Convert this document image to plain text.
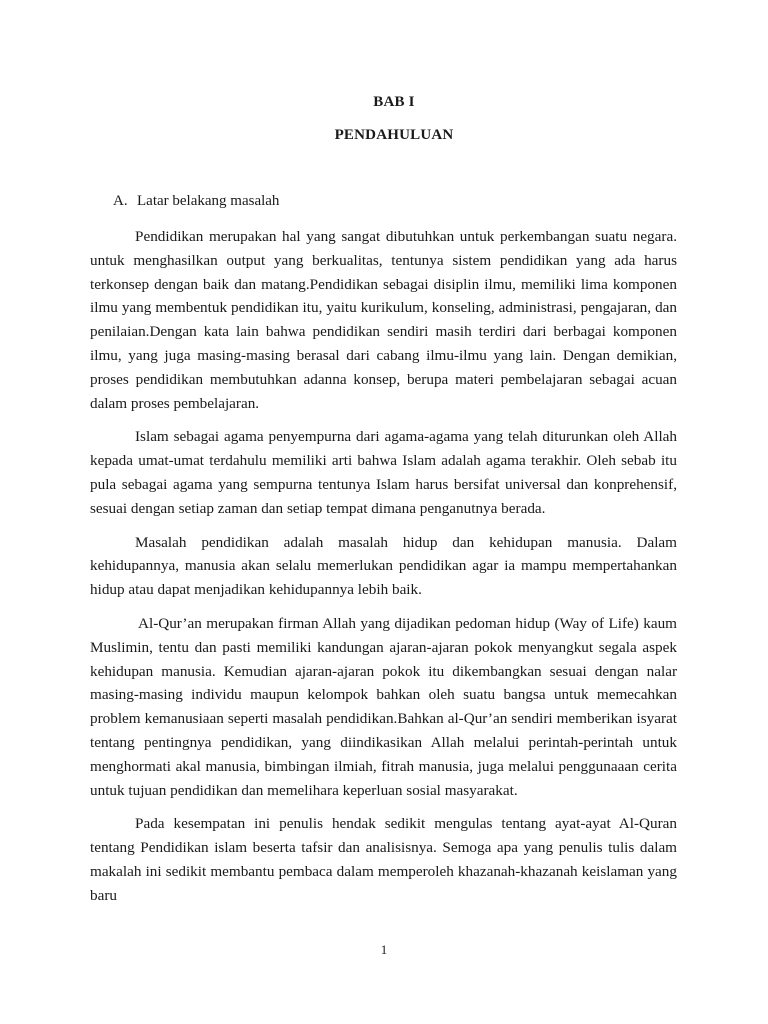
BAB I
PENDAHULUAN
A. Latar belakang masalah

Pendidikan merupakan hal yang sangat dibutuhkan untuk perkembangan suatu negara. untuk menghasilkan output yang berkualitas, tentunya sistem pendidikan yang ada harus terkonsep dengan baik dan matang.Pendidikan sebagai disiplin ilmu, memiliki lima komponen ilmu yang membentuk pendidikan itu, yaitu kurikulum, konseling, administrasi, pengajaran, dan penilaian.Dengan kata lain bahwa pendidikan sendiri masih terdiri dari berbagai komponen ilmu, yang juga masing-masing berasal dari cabang ilmu-ilmu yang lain. Dengan demikian, proses pendidikan membutuhkan adanna konsep, berupa materi pembelajaran sebagai acuan dalam proses pembelajaran.

Islam sebagai agama penyempurna dari agama-agama yang telah diturunkan oleh Allah kepada umat-umat terdahulu memiliki arti bahwa Islam adalah agama terakhir. Oleh sebab itu pula sebagai agama yang sempurna tentunya Islam harus bersifat universal dan konprehensif, sesuai dengan setiap zaman dan setiap tempat dimana penganutnya berada.

Masalah pendidikan adalah masalah hidup dan kehidupan manusia. Dalam kehidupannya, manusia akan selalu memerlukan pendidikan agar ia mampu mempertahankan hidup atau dapat menjadikan kehidupannya lebih baik.

Al-Qur’an merupakan firman Allah yang dijadikan pedoman hidup (Way of Life) kaum Muslimin, tentu dan pasti memiliki kandungan ajaran-ajaran pokok menyangkut segala aspek kehidupan manusia. Kemudian ajaran-ajaran pokok itu dikembangkan sesuai dengan nalar masing-masing individu maupun kelompok bahkan oleh suatu bangsa untuk memecahkan problem kemanusiaan seperti masalah pendidikan.Bahkan al-Qur’an sendiri memberikan isyarat tentang pentingnya pendidikan, yang diindikasikan Allah melalui perintah-perintah untuk menghormati akal manusia, bimbingan ilmiah, fitrah manusia, juga melalui penggunaaan cerita untuk tujuan pendidikan dan memelihara keperluan sosial masyarakat.

Pada kesempatan ini penulis hendak sedikit mengulas tentang ayat-ayat Al-Quran tentang Pendidikan islam beserta tafsir dan analisisnya. Semoga apa yang penulis tulis dalam makalah ini sedikit membantu pembaca dalam memperoleh khazanah-khazanah keislaman yang baru

1
